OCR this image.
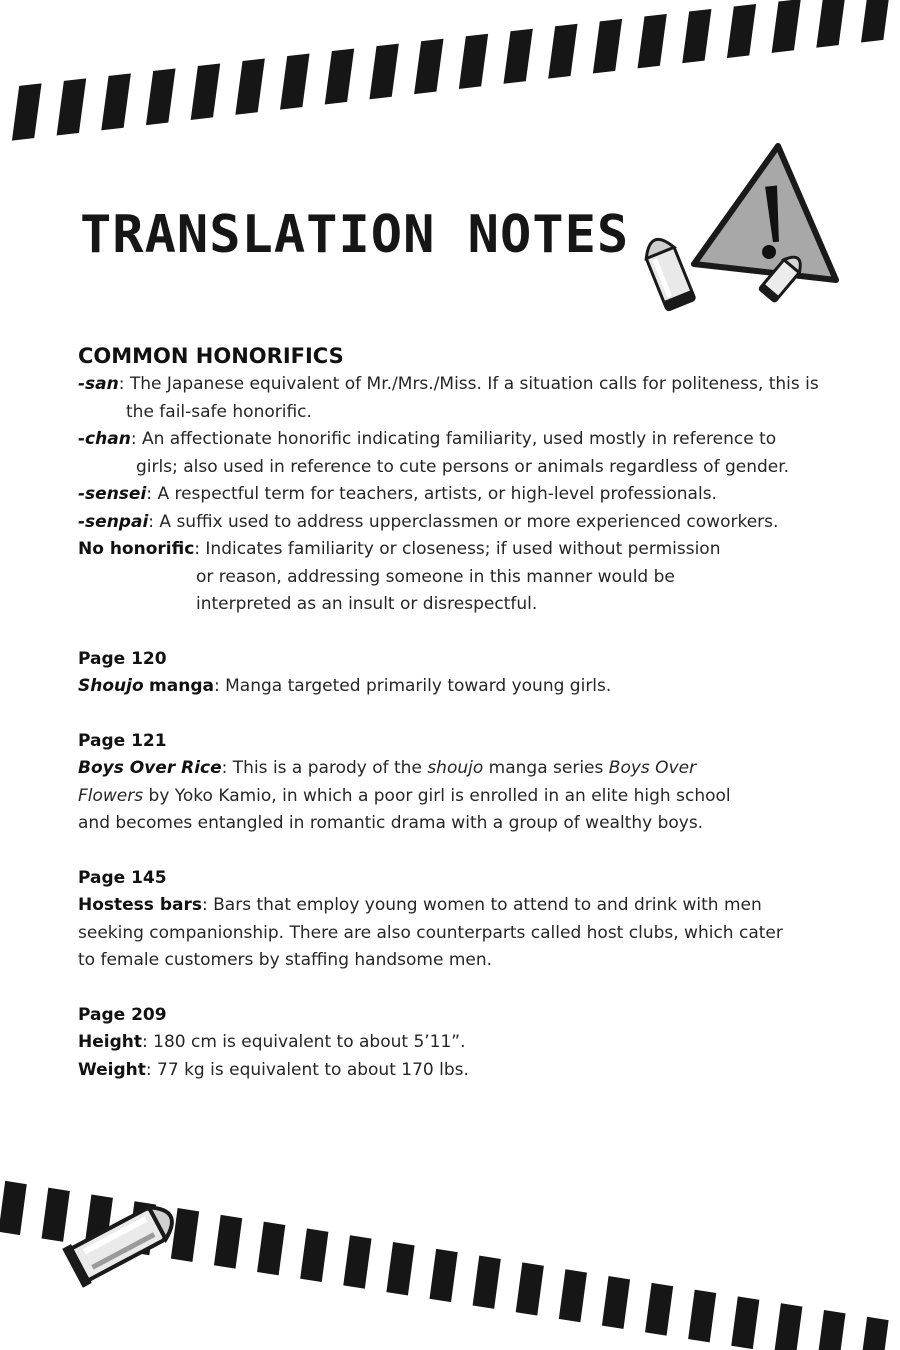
TRANSLATION NOTES
COMMON HONORIFICS

-san: The Japanese equivalent of Mr./Mrs./Miss. If a situation calls for politeness, this is the fail-safe honorific.

-chan: An affectionate honorific indicating familiarity, used mostly in reference to girls; also used in reference to cute persons or animals regardless of gender.

-sensei: A respectful term for teachers, artists, or high-level professionals.

-senpai: A suffix used to address upperclassmen or more experienced coworkers.

No honorific: Indicates familiarity or closeness; if used without permission or reason, addressing someone in this manner would be interpreted as an insult or disrespectful.

Page 120

Shoujo manga: Manga targeted primarily toward young girls.

Page 121

Boys Over Rice: This is a parody of the shoujo manga series Boys Over Flowers by Yoko Kamio, in which a poor girl is enrolled in an elite high school and becomes entangled in romantic drama with a group of wealthy boys.

Page 145

Hostess bars: Bars that employ young women to attend to and drink with men seeking companionship. There are also counterparts called host clubs, which cater to female customers by staffing handsome men.

Page 209

Height: 180 cm is equivalent to about 5’11”.

Weight: 77 kg is equivalent to about 170 lbs.
